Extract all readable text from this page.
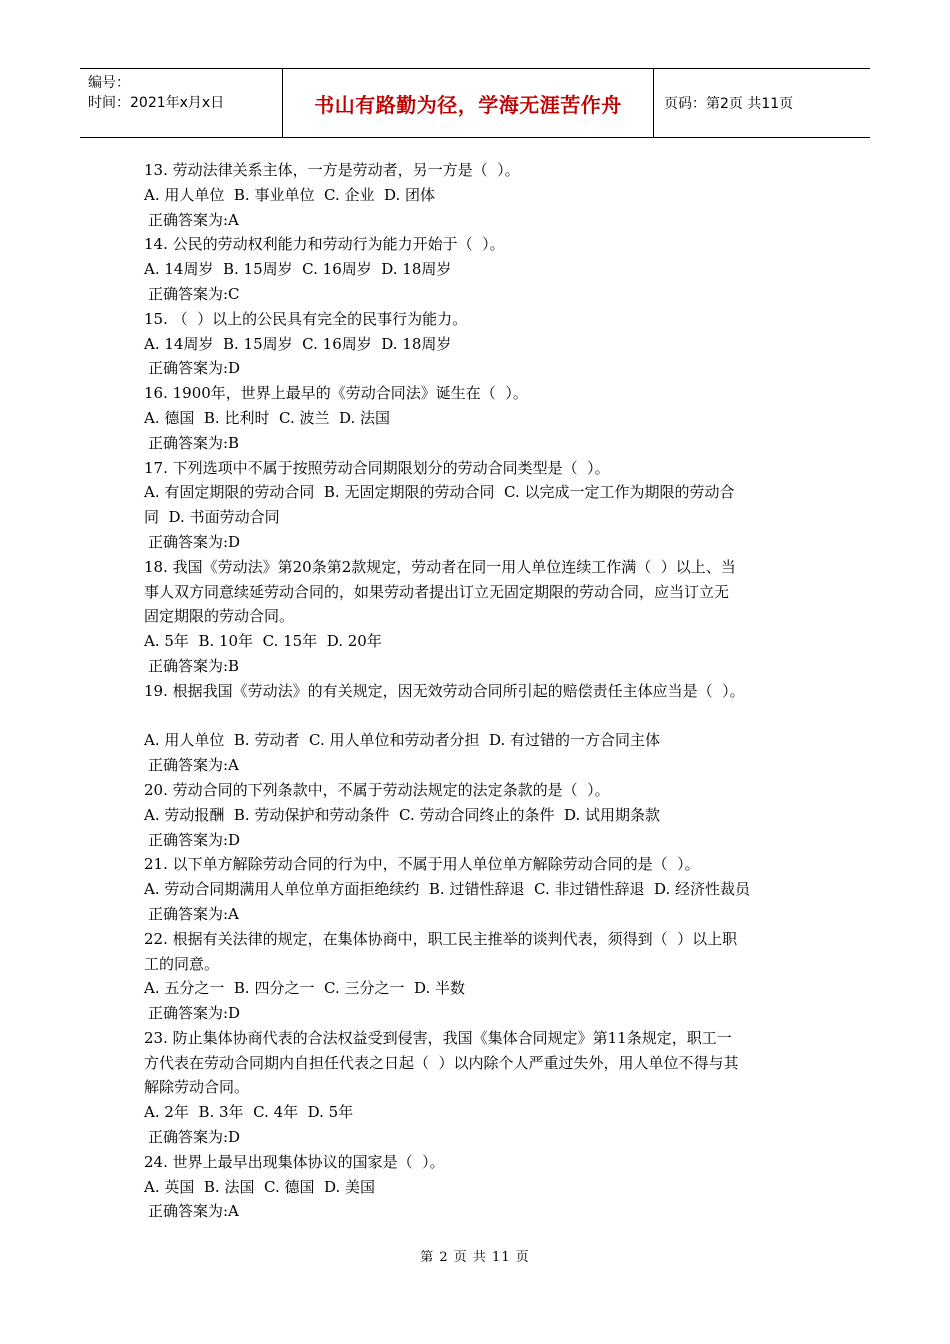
编号：
时间：2021年x月x日	书山有路勤为径，学海无涯苦作舟	页码：第2页 共11页
13. 劳动法律关系主体，一方是劳动者，另一方是（  ）。
A. 用人单位  B. 事业单位  C. 企业  D. 团体
正确答案为:A
14. 公民的劳动权利能力和劳动行为能力开始于（  ）。
A. 14周岁  B. 15周岁  C. 16周岁  D. 18周岁
正确答案为:C
15. （  ）以上的公民具有完全的民事行为能力。
A. 14周岁  B. 15周岁  C. 16周岁  D. 18周岁
正确答案为:D
16. 1900年，世界上最早的《劳动合同法》诞生在（  ）。
A. 德国  B. 比利时  C. 波兰  D. 法国
正确答案为:B
17. 下列选项中不属于按照劳动合同期限划分的劳动合同类型是（  ）。
A. 有固定期限的劳动合同  B. 无固定期限的劳动合同  C. 以完成一定工作为期限的劳动合
同  D. 书面劳动合同
正确答案为:D
18. 我国《劳动法》第20条第2款规定，劳动者在同一用人单位连续工作满（  ）以上、当
事人双方同意续延劳动合同的，如果劳动者提出订立无固定期限的劳动合同，应当订立无
固定期限的劳动合同。
A. 5年  B. 10年  C. 15年  D. 20年
正确答案为:B
19. 根据我国《劳动法》的有关规定，因无效劳动合同所引起的赔偿责任主体应当是（  ）。
A. 用人单位  B. 劳动者  C. 用人单位和劳动者分担  D. 有过错的一方合同主体
正确答案为:A
20. 劳动合同的下列条款中，不属于劳动法规定的法定条款的是（  ）。
A. 劳动报酬  B. 劳动保护和劳动条件  C. 劳动合同终止的条件  D. 试用期条款
正确答案为:D
21. 以下单方解除劳动合同的行为中，不属于用人单位单方解除劳动合同的是（  ）。
A. 劳动合同期满用人单位单方面拒绝续约  B. 过错性辞退  C. 非过错性辞退  D. 经济性裁员
正确答案为:A
22. 根据有关法律的规定，在集体协商中，职工民主推举的谈判代表，须得到（  ）以上职
工的同意。
A. 五分之一  B. 四分之一  C. 三分之一  D. 半数
正确答案为:D
23. 防止集体协商代表的合法权益受到侵害，我国《集体合同规定》第11条规定，职工一
方代表在劳动合同期内自担任代表之日起（  ）以内除个人严重过失外，用人单位不得与其
解除劳动合同。
A. 2年  B. 3年  C. 4年  D. 5年
正确答案为:D
24. 世界上最早出现集体协议的国家是（  ）。
A. 英国  B. 法国  C. 德国  D. 美国
正确答案为:A
第 2 页 共 11 页
